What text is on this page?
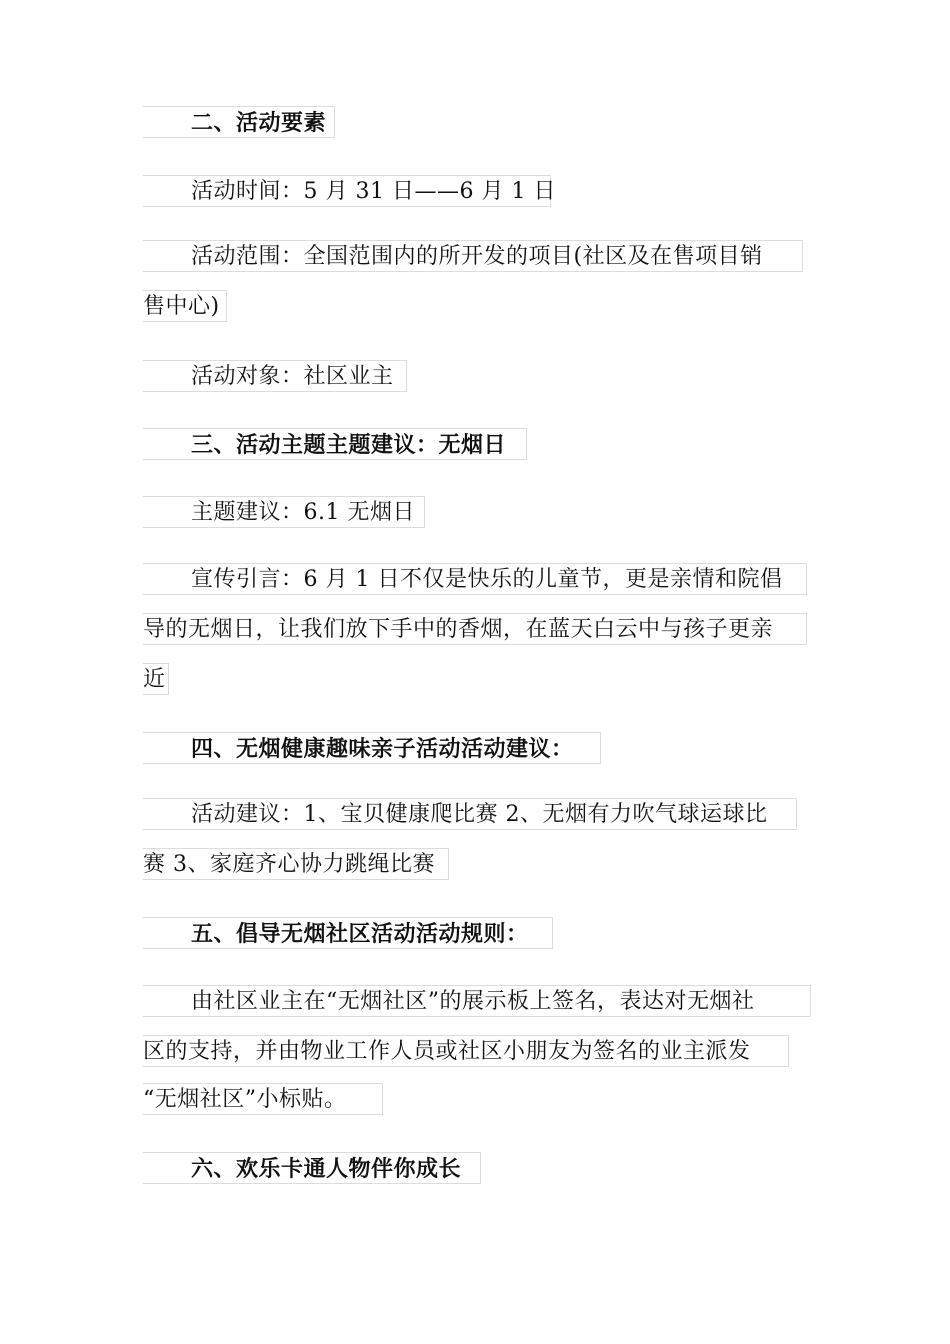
二、活动要素
活动时间：5 月 31 日——6 月 1 日
活动范围：全国范围内的所开发的项目(社区及在售项目销
售中心)
活动对象：社区业主
三、活动主题主题建议：无烟日
主题建议：6.1 无烟日
宣传引言：6 月 1 日不仅是快乐的儿童节，更是亲情和院倡
导的无烟日，让我们放下手中的香烟，在蓝天白云中与孩子更亲
近
四、无烟健康趣味亲子活动活动建议：
活动建议：1、宝贝健康爬比赛 2、无烟有力吹气球运球比
赛 3、家庭齐心协力跳绳比赛
五、倡导无烟社区活动活动规则：
由社区业主在“无烟社区”的展示板上签名，表达对无烟社
区的支持，并由物业工作人员或社区小朋友为签名的业主派发
“无烟社区”小标贴。
六、欢乐卡通人物伴你成长
